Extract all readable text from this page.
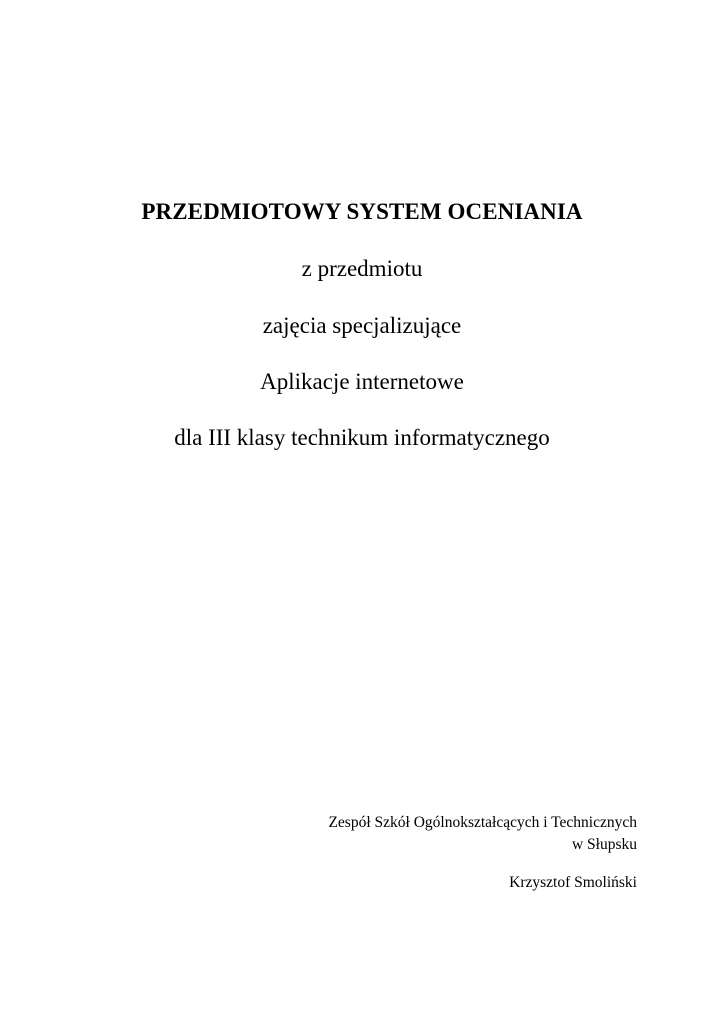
PRZEDMIOTOWY SYSTEM OCENIANIA
z przedmiotu
zajęcia specjalizujące
Aplikacje internetowe
dla III klasy technikum informatycznego
Zespół Szkół Ogólnokształcących i Technicznych
w Słupsku
Krzysztof Smoliński
